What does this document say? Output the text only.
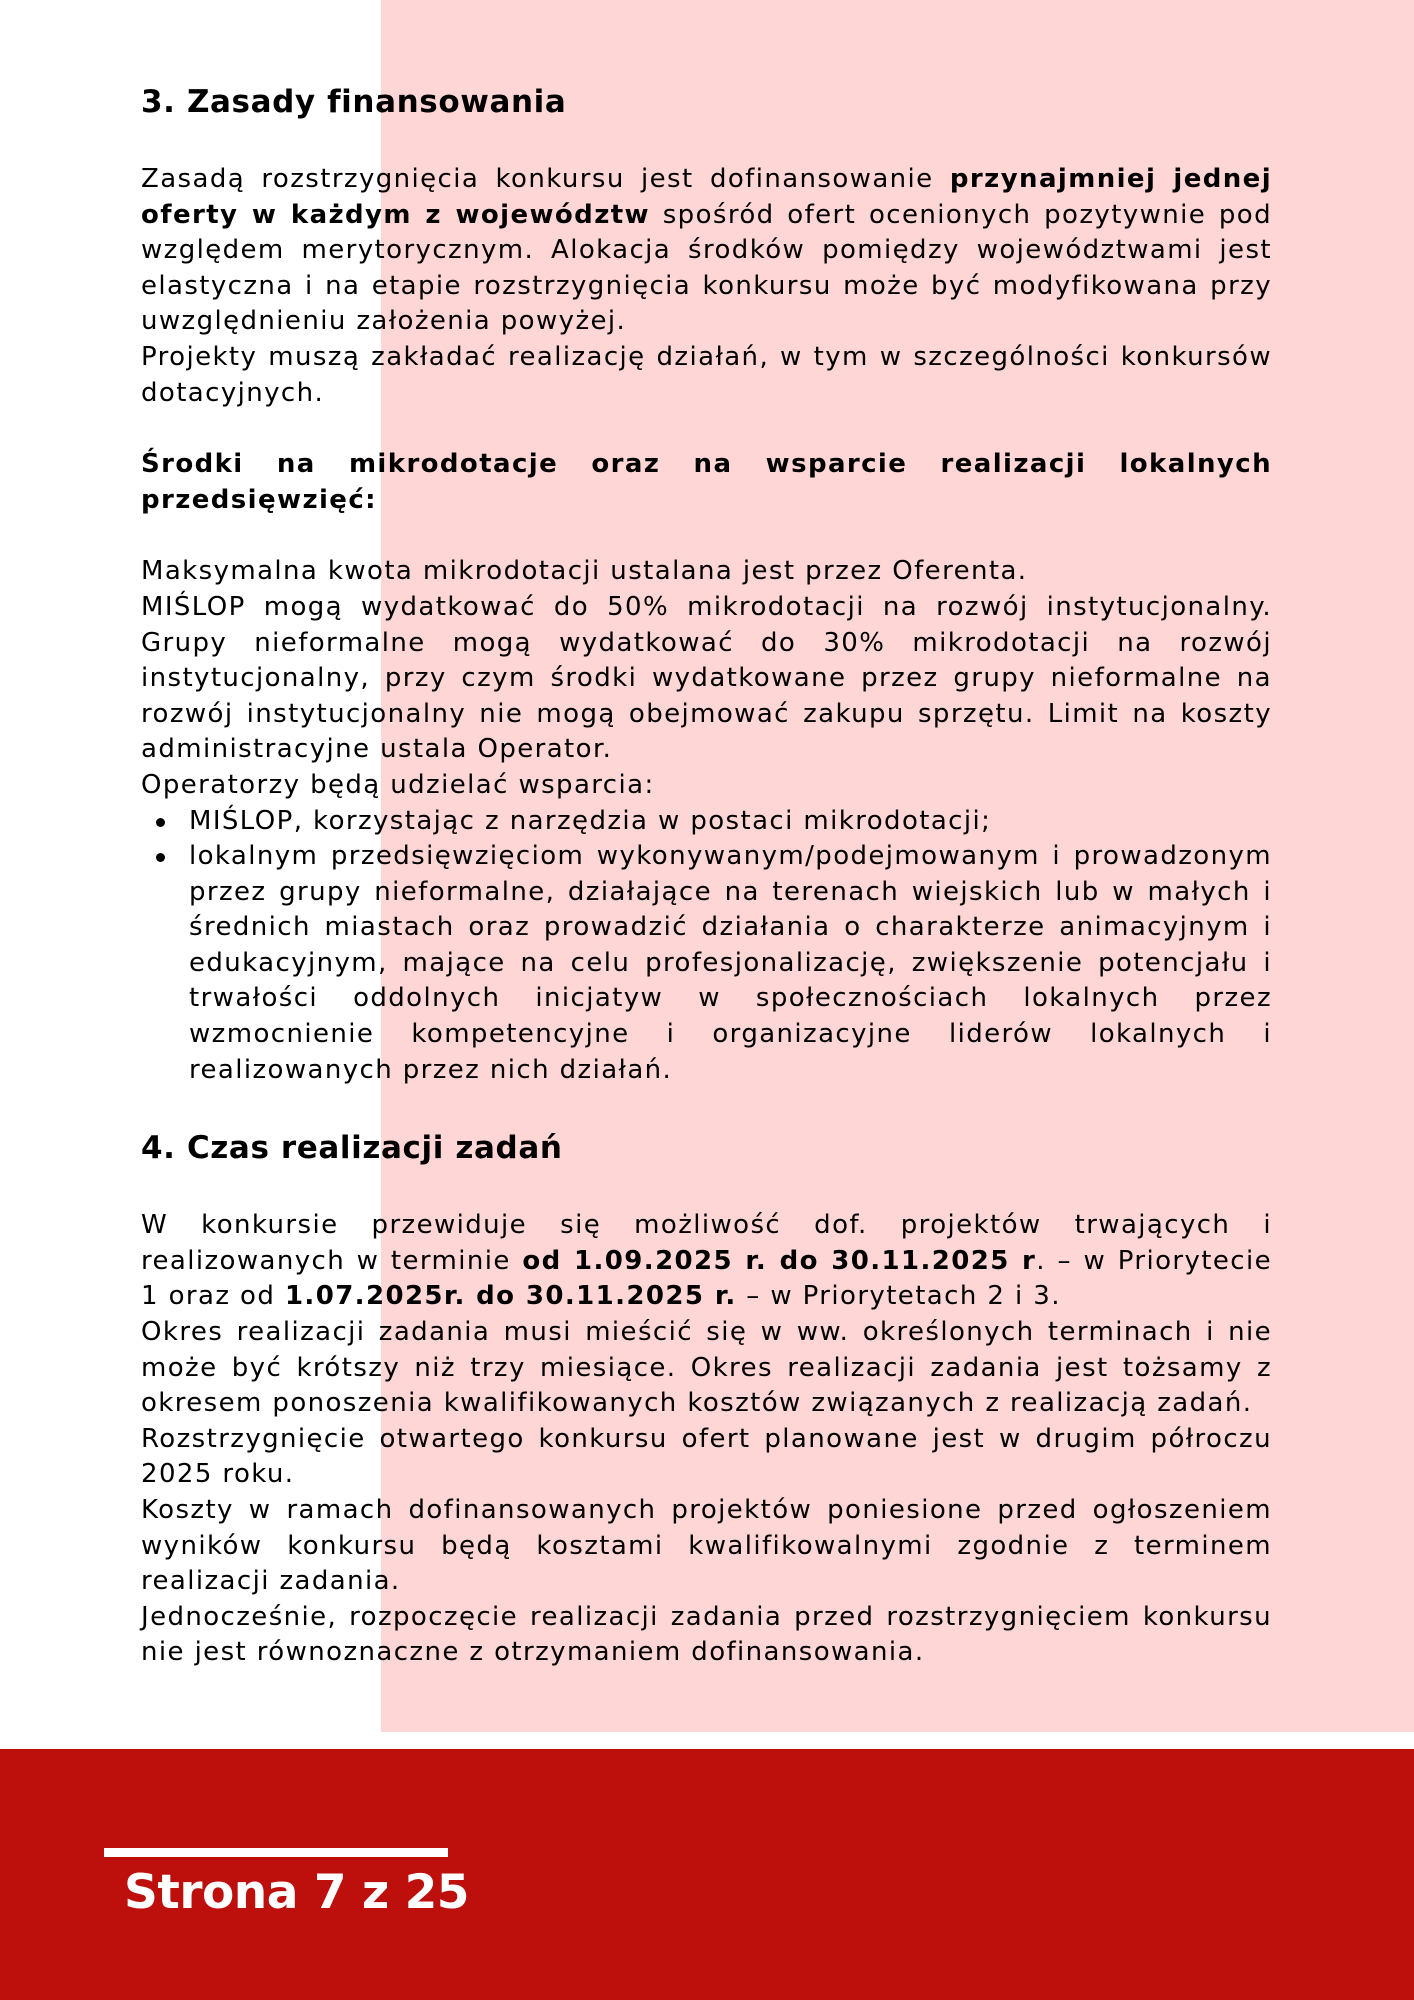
3. Zasady finansowania

Zasadą rozstrzygnięcia konkursu jest dofinansowanie przynajmniej jednej oferty w każdym z województw spośród ofert ocenionych pozytywnie pod względem merytorycznym. Alokacja środków pomiędzy województwami jest elastyczna i na etapie rozstrzygnięcia konkursu może być modyfikowana przy uwzględnieniu założenia powyżej.

Projekty muszą zakładać realizację działań, w tym w szczególności konkursów dotacyjnych.

Środki na mikrodotacje oraz na wsparcie realizacji lokalnych przedsięwzięć:

Maksymalna kwota mikrodotacji ustalana jest przez Oferenta.

MIŚLOP mogą wydatkować do 50% mikrodotacji na rozwój instytucjonalny. Grupy nieformalne mogą wydatkować do 30% mikrodotacji na rozwój instytucjonalny, przy czym środki wydatkowane przez grupy nieformalne na rozwój instytucjonalny nie mogą obejmować zakupu sprzętu. Limit na koszty administracyjne ustala Operator.

Operatorzy będą udzielać wsparcia:

MIŚLOP, korzystając z narzędzia w postaci mikrodotacji;
lokalnym przedsięwzięciom wykonywanym/podejmowanym i prowadzonym przez grupy nieformalne, działające na terenach wiejskich lub w małych i średnich miastach oraz prowadzić działania o charakterze animacyjnym i edukacyjnym, mające na celu profesjonalizację, zwiększenie potencjału i trwałości oddolnych inicjatyw w społecznościach lokalnych przez wzmocnienie kompetencyjne i organizacyjne liderów lokalnych i realizowanych przez nich działań.
4. Czas realizacji zadań

W konkursie przewiduje się możliwość dof. projektów trwających i realizowanych w terminie od 1.09.2025 r. do 30.11.2025 r. – w Priorytecie 1 oraz od 1.07.2025r. do 30.11.2025 r. – w Priorytetach 2 i 3.

Okres realizacji zadania musi mieścić się w ww. określonych terminach i nie może być krótszy niż trzy miesiące. Okres realizacji zadania jest tożsamy z okresem ponoszenia kwalifikowanych kosztów związanych z realizacją zadań.

Rozstrzygnięcie otwartego konkursu ofert planowane jest w drugim półroczu 2025 roku.

Koszty w ramach dofinansowanych projektów poniesione przed ogłoszeniem wyników konkursu będą kosztami kwalifikowalnymi zgodnie z terminem realizacji zadania.

Jednocześnie, rozpoczęcie realizacji zadania przed rozstrzygnięciem konkursu nie jest równoznaczne z otrzymaniem dofinansowania.

Strona 7 z 25
